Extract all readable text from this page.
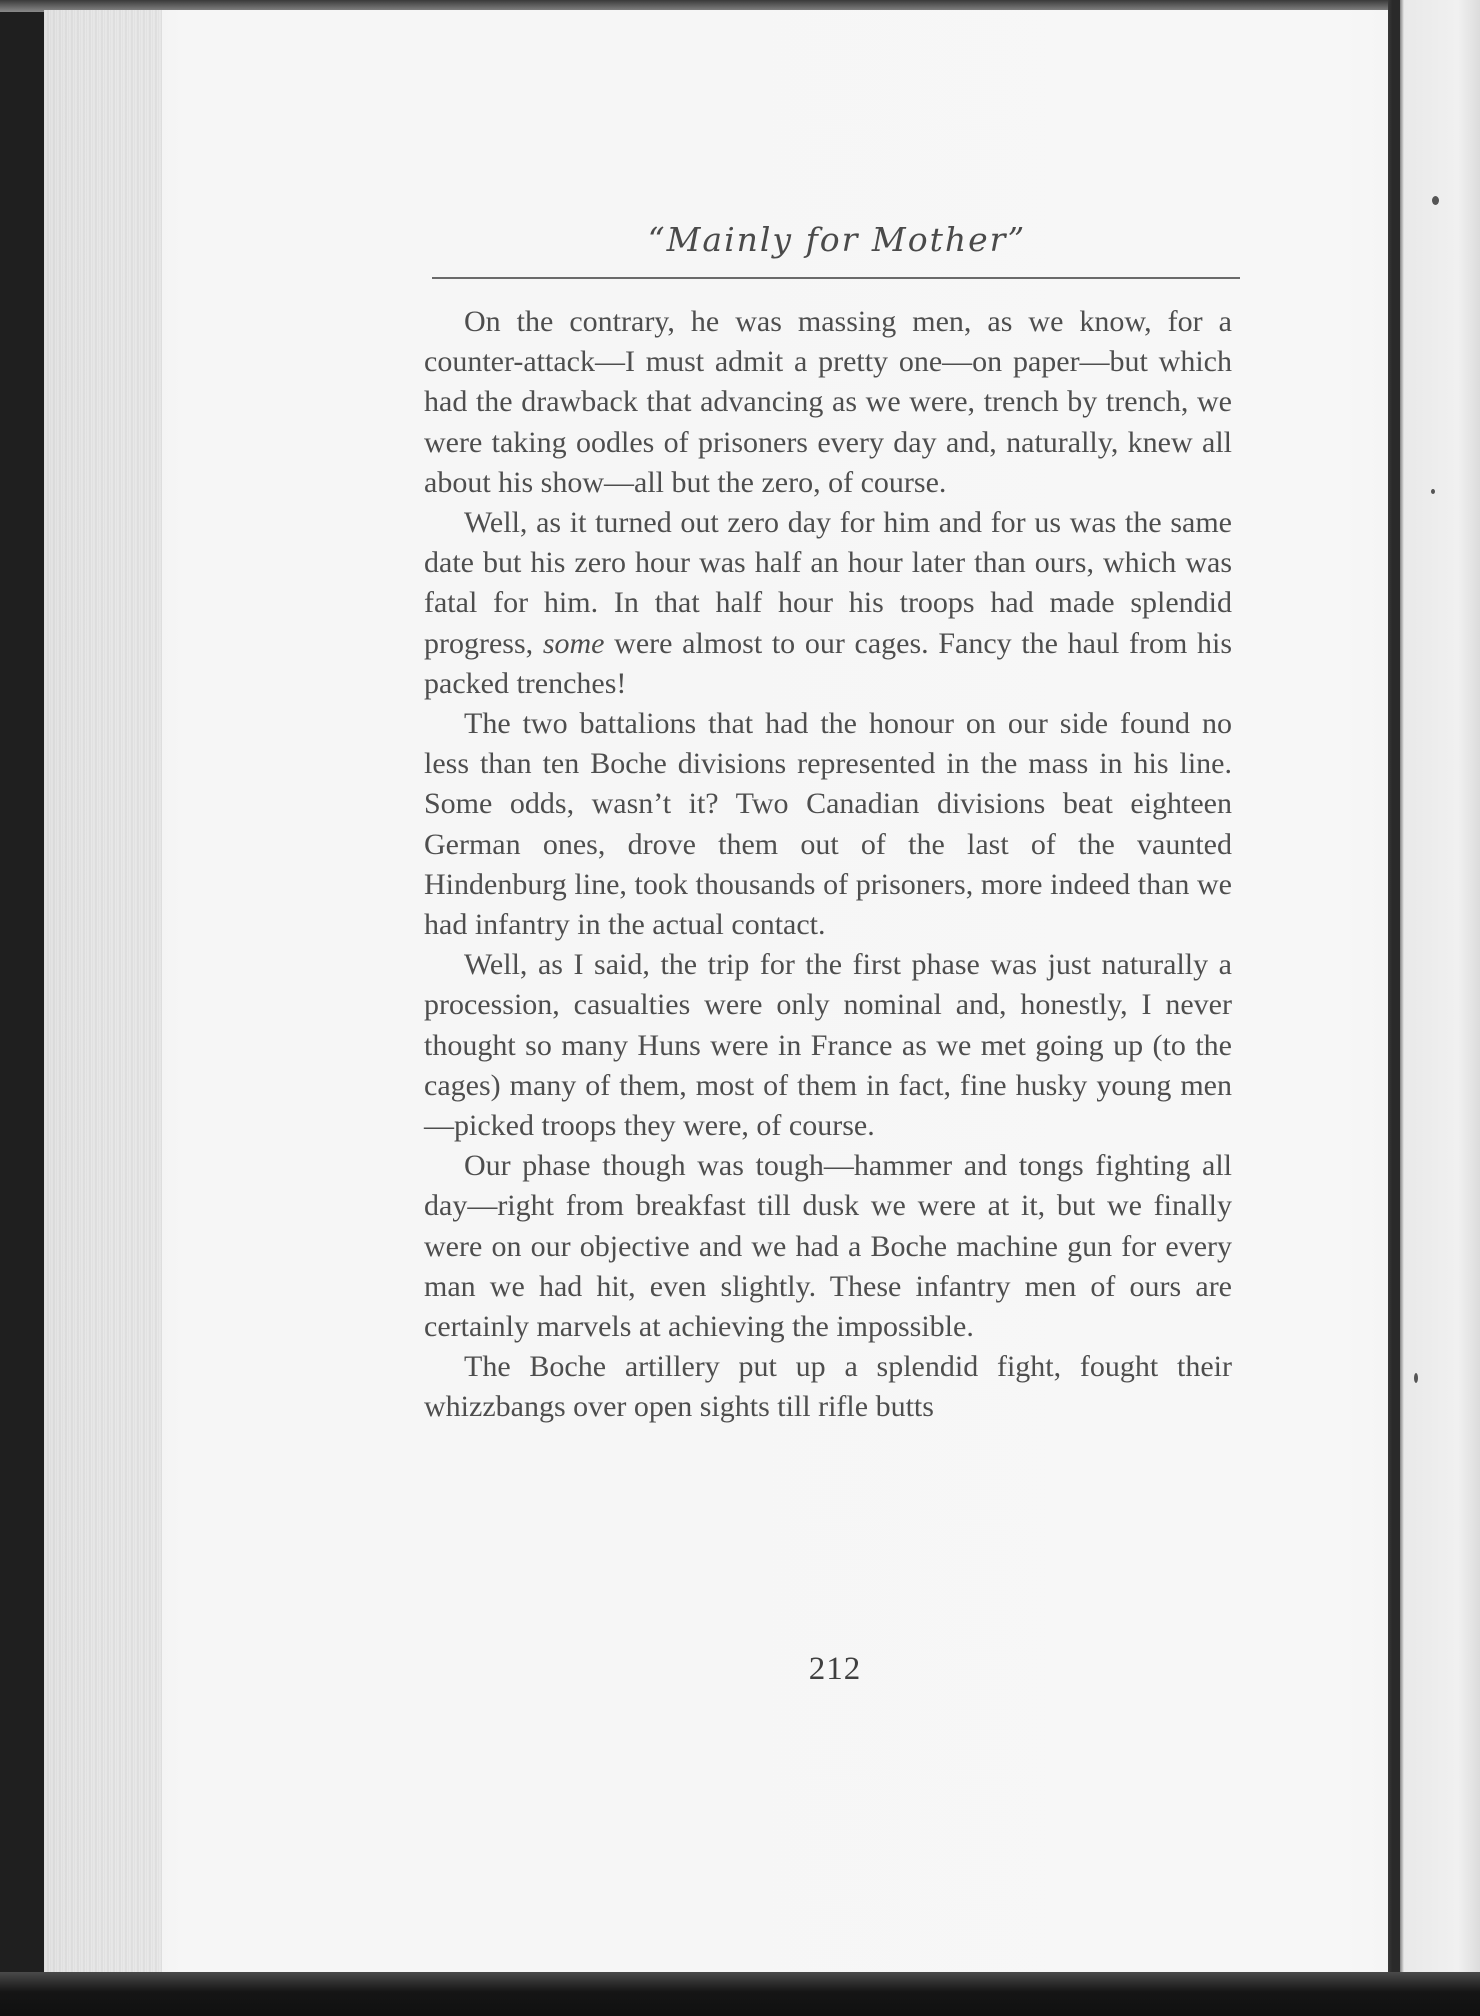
“Mainly for Mother”

On the contrary, he was massing men, as we know, for a counter-attack—I must admit a pretty one—on paper—but which had the drawback that advancing as we were, trench by trench, we were taking oodles of prisoners every day and, naturally, knew all about his show—all but the zero, of course.

Well, as it turned out zero day for him and for us was the same date but his zero hour was half an hour later than ours, which was fatal for him. In that half hour his troops had made splendid progress, some were almost to our cages. Fancy the haul from his packed trenches!

The two battalions that had the honour on our side found no less than ten Boche divisions represented in the mass in his line. Some odds, wasn’t it? Two Canadian divisions beat eighteen German ones, drove them out of the last of the vaunted Hindenburg line, took thousands of prisoners, more indeed than we had infantry in the actual contact.

Well, as I said, the trip for the first phase was just naturally a procession, casualties were only nominal and, honestly, I never thought so many Huns were in France as we met going up (to the cages) many of them, most of them in fact, fine husky young men—picked troops they were, of course.

Our phase though was tough—hammer and tongs fighting all day—right from breakfast till dusk we were at it, but we finally were on our objective and we had a Boche machine gun for every man we had hit, even slightly. These infantry men of ours are certainly marvels at achieving the impossible.

The Boche artillery put up a splendid fight, fought their whizzbangs over open sights till rifle butts

212
